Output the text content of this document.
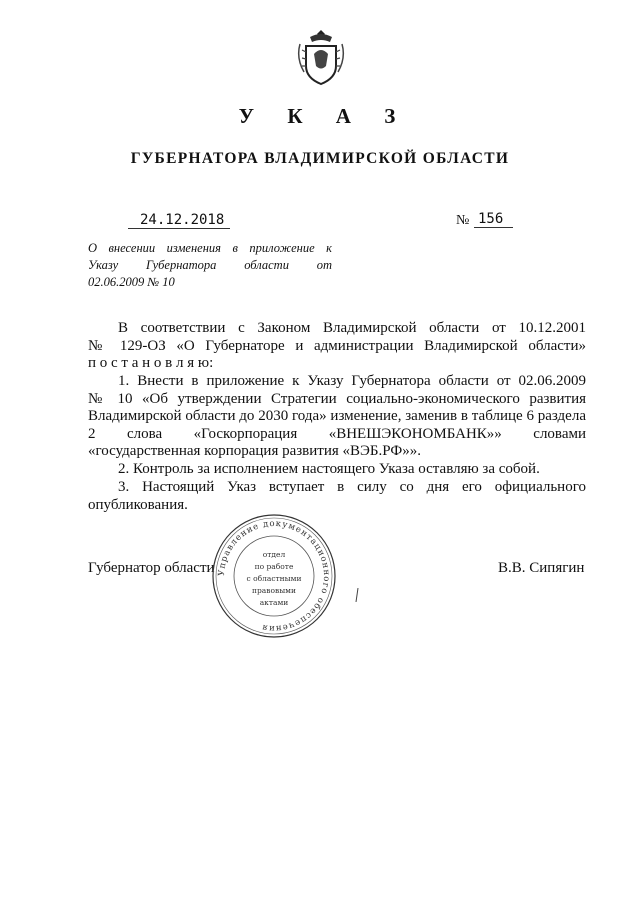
У К А З
ГУБЕРНАТОРА ВЛАДИМИРСКОЙ ОБЛАСТИ
24.12.2018	№ 156
О внесении изменения в приложение к
Указу Губернатора области от
02.06.2009 № 10
В соответствии с Законом Владимирской области от 10.12.2001
№ 129-ОЗ «О Губернаторе и администрации Владимирской области»
п о с т а н о в л я ю:
1. Внести в приложение к Указу Губернатора области от 02.06.2009
№ 10 «Об утверждении Стратегии социально-экономического развития
Владимирской области до 2030 года» изменение, заменив в таблице 6 раздела
2 слова «Госкорпорация «ВНЕШЭКОНОМБАНК»» словами
«государственная корпорация развития «ВЭБ.РФ»».
2. Контроль за исполнением настоящего Указа оставляю за собой.
3. Настоящий Указ вступает в силу со дня его официального
опубликования.
Губернатор области	В.В. Сипягин
Управление документационного обеспечения
отдел
по работе
с областными
правовыми
актами
